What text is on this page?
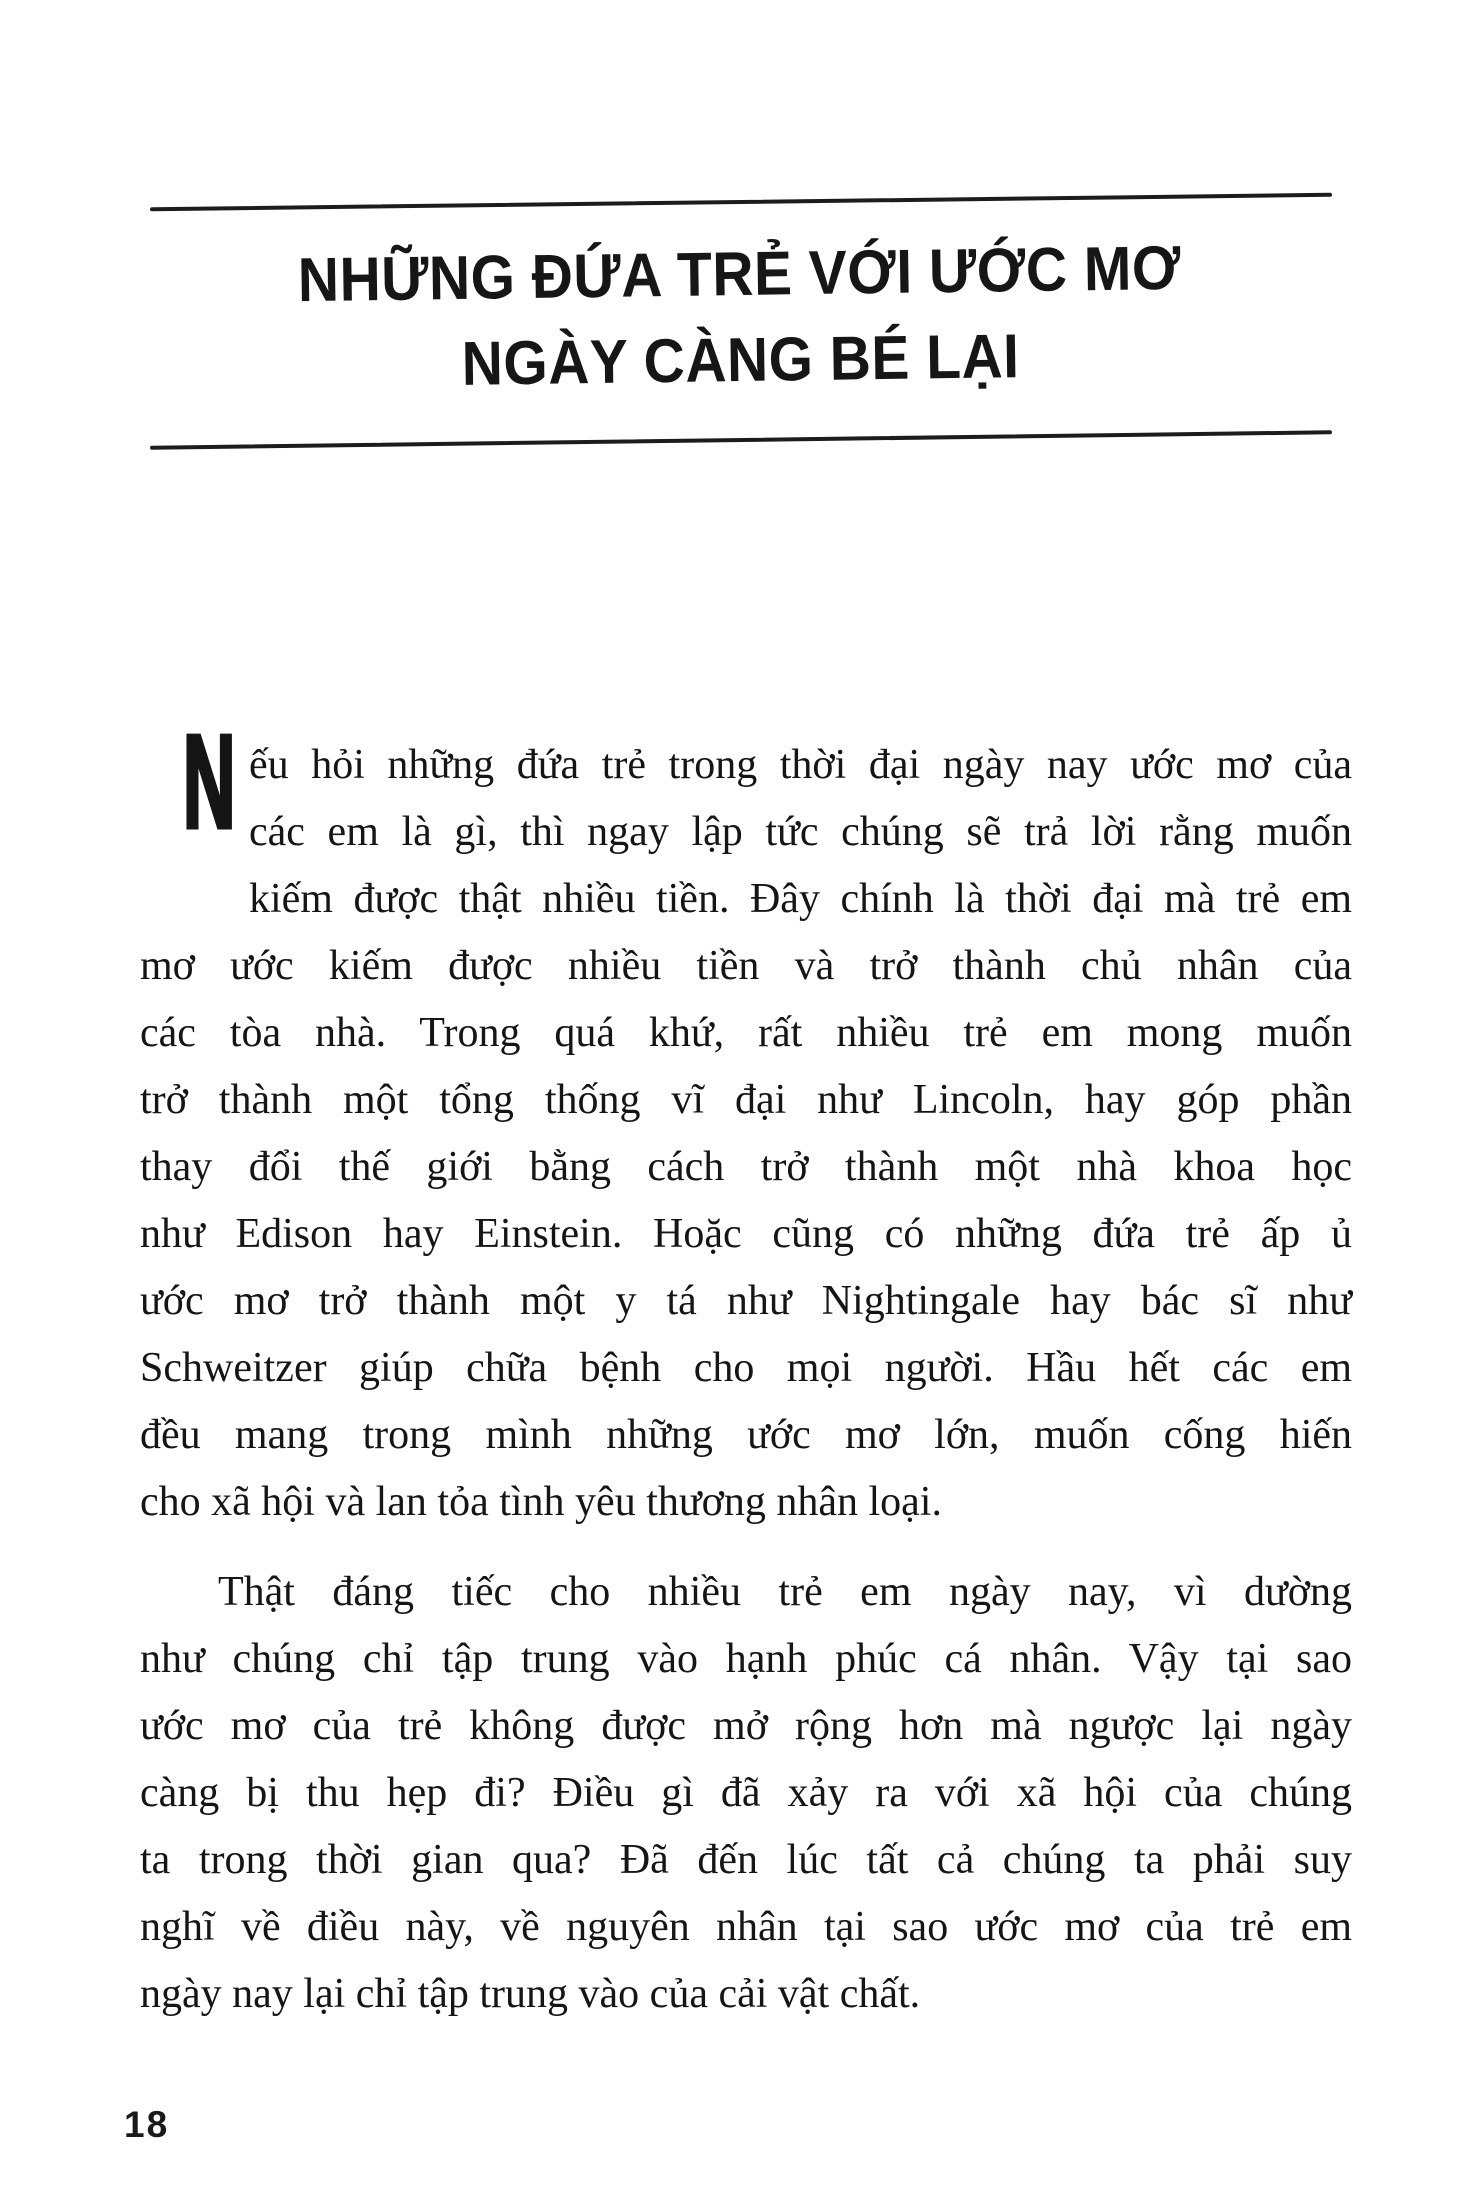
NHỮNG ĐỨA TRẺ VỚI ƯỚC MƠ
NGÀY CÀNG BÉ LẠI
N ếu hỏi những đứa trẻ trong thời đại ngày nay ước mơ của
các em là gì, thì ngay lập tức chúng sẽ trả lời rằng muốn
kiếm được thật nhiều tiền. Đây chính là thời đại mà trẻ em
mơ ước kiếm được nhiều tiền và trở thành chủ nhân của
các tòa nhà. Trong quá khứ, rất nhiều trẻ em mong muốn
trở thành một tổng thống vĩ đại như Lincoln, hay góp phần
thay đổi thế giới bằng cách trở thành một nhà khoa học
như Edison hay Einstein. Hoặc cũng có những đứa trẻ ấp ủ
ước mơ trở thành một y tá như Nightingale hay bác sĩ như
Schweitzer giúp chữa bệnh cho mọi người. Hầu hết các em
đều mang trong mình những ước mơ lớn, muốn cống hiến
cho xã hội và lan tỏa tình yêu thương nhân loại.
Thật đáng tiếc cho nhiều trẻ em ngày nay, vì dường
như chúng chỉ tập trung vào hạnh phúc cá nhân. Vậy tại sao
ước mơ của trẻ không được mở rộng hơn mà ngược lại ngày
càng bị thu hẹp đi? Điều gì đã xảy ra với xã hội của chúng
ta trong thời gian qua? Đã đến lúc tất cả chúng ta phải suy
nghĩ về điều này, về nguyên nhân tại sao ước mơ của trẻ em
ngày nay lại chỉ tập trung vào của cải vật chất.
18
